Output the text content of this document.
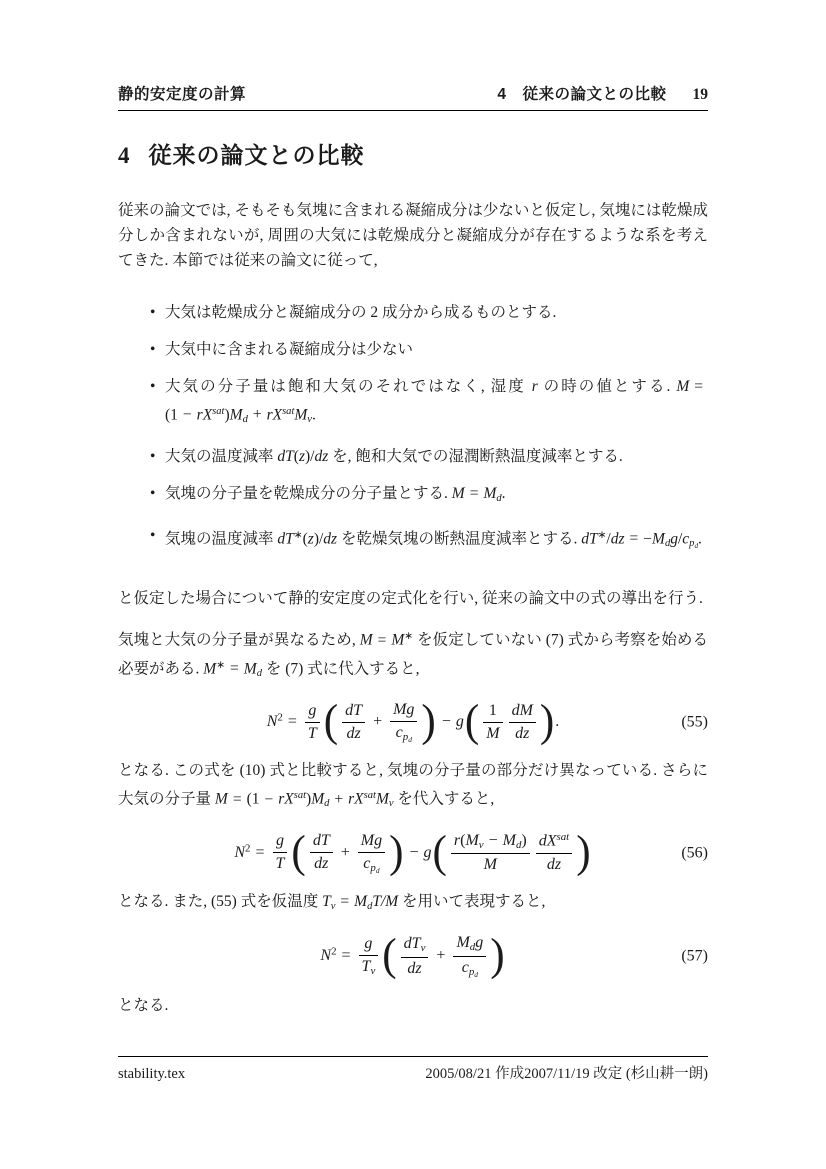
静的安定度の計算	4　従来の論文との比較 19
4 従来の論文との比較

従来の論文では, そもそも気塊に含まれる凝縮成分は少ないと仮定し, 気塊には乾燥成分しか含まれないが, 周囲の大気には乾燥成分と凝縮成分が存在するような系を考えてきた. 本節では従来の論文に従って,

• 大気は乾燥成分と凝縮成分の 2 成分から成るものとする.
• 大気中に含まれる凝縮成分は少ない
• 大気の分子量は飽和大気のそれではなく, 湿度 r の時の値とする. $M =(1 - rX^{sat})Md + rX^{sat}Mv$.
• 大気の温度減率 dT(z)/dz を, 飽和大気での湿潤断熱温度減率とする.
• 気塊の分子量を乾燥成分の分子量とする. M = Md.
• 気塊の温度減率 dT∗(z)/dz を乾燥気塊の断熱温度減率とする. dT∗/dz = −Mdg/cpd.

と仮定した場合について静的安定度の定式化を行い, 従来の論文中の式の導出を行う.

気塊と大気の分子量が異なるため, M = M∗ を仮定していない (7) 式から考察を始める必要がある. M∗ = Md を (7) 式に代入すると,

$N^2 = \frac{g}{T}$ ( $\frac{dT}{dz}$ +
Mg
cpd ) − $g( \frac{1}{M} \frac{dM}{dz}$ ).	(55)

となる. この式を (10) 式と比較すると, 気塊の分子量の部分だけ異なっている. さらに大気の分子量 $M = (1 - rX^{sat})Md + rX^{sat}Mv$ を代入すると,

$N^2 = \frac{g}{T}$ ( $\frac{dT}{dz}$ +
Mg
cpd ) − $g( \frac{r(Mv - Md)}{M} dX^{sat}$
dz )	(56)

となる. また, (55) 式を仮温度 Tv = MdT/M を用いて表現すると,

$N^2 = \frac{g}{Tv}$ ( dTv
dz
+
Mdg
cpd )	(57)

となる.

stability.tex	2005/08/21 作成2007/11/19 改定 (杉山耕一朗)
